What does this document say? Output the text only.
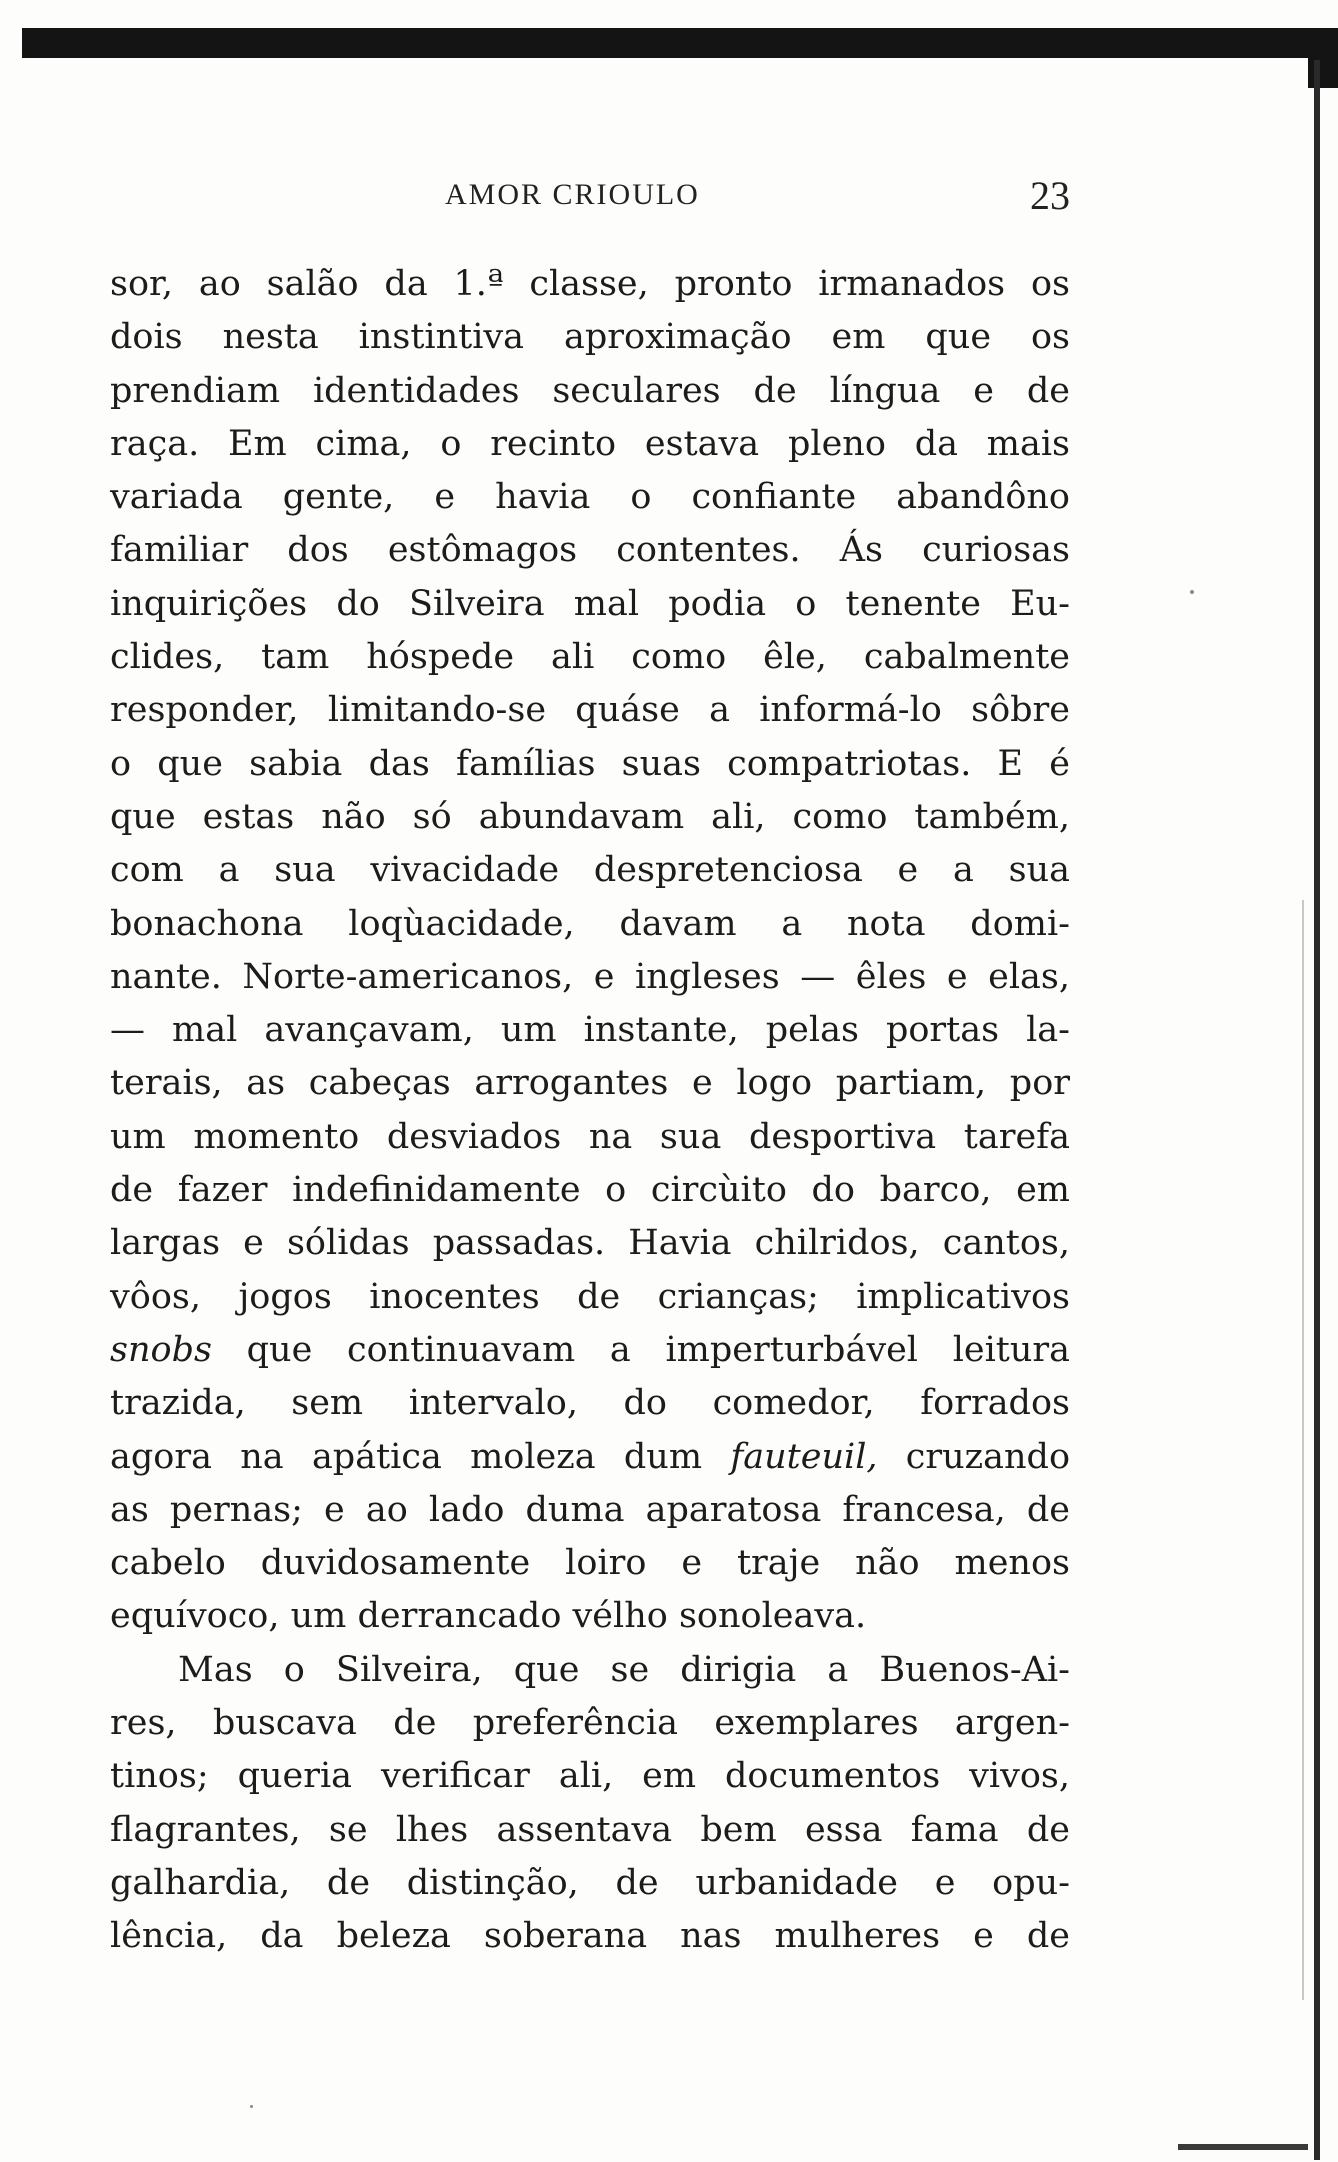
AMOR CRIOULO	23
sor, ao salão da 1.ª classe, pronto irmanados os
dois nesta instintiva aproximação em que os
prendiam identidades seculares de língua e de
raça. Em cima, o recinto estava pleno da mais
variada gente, e havia o confiante abandôno
familiar dos estômagos contentes. Ás curiosas
inquirições do Silveira mal podia o tenente Eu-
clides, tam hóspede ali como êle, cabalmente
responder, limitando-se quáse a informá-lo sôbre
o que sabia das famílias suas compatriotas. E é
que estas não só abundavam ali, como também,
com a sua vivacidade despretenciosa e a sua
bonachona loqùacidade, davam a nota domi-
nante. Norte-americanos, e ingleses — êles e elas,
— mal avançavam, um instante, pelas portas la-
terais, as cabeças arrogantes e logo partiam, por
um momento desviados na sua desportiva tarefa
de fazer indefinidamente o circùito do barco, em
largas e sólidas passadas. Havia chilridos, cantos,
vôos, jogos inocentes de crianças; implicativos
snobs que continuavam a imperturbável leitura
trazida, sem intervalo, do comedor, forrados
agora na apática moleza dum fauteuil, cruzando
as pernas; e ao lado duma aparatosa francesa, de
cabelo duvidosamente loiro e traje não menos
equívoco, um derrancado vélho sonoleava.
Mas o Silveira, que se dirigia a Buenos-Ai-
res, buscava de preferência exemplares argen-
tinos; queria verificar ali, em documentos vivos,
flagrantes, se lhes assentava bem essa fama de
galhardia, de distinção, de urbanidade e opu-
lência, da beleza soberana nas mulheres e de
